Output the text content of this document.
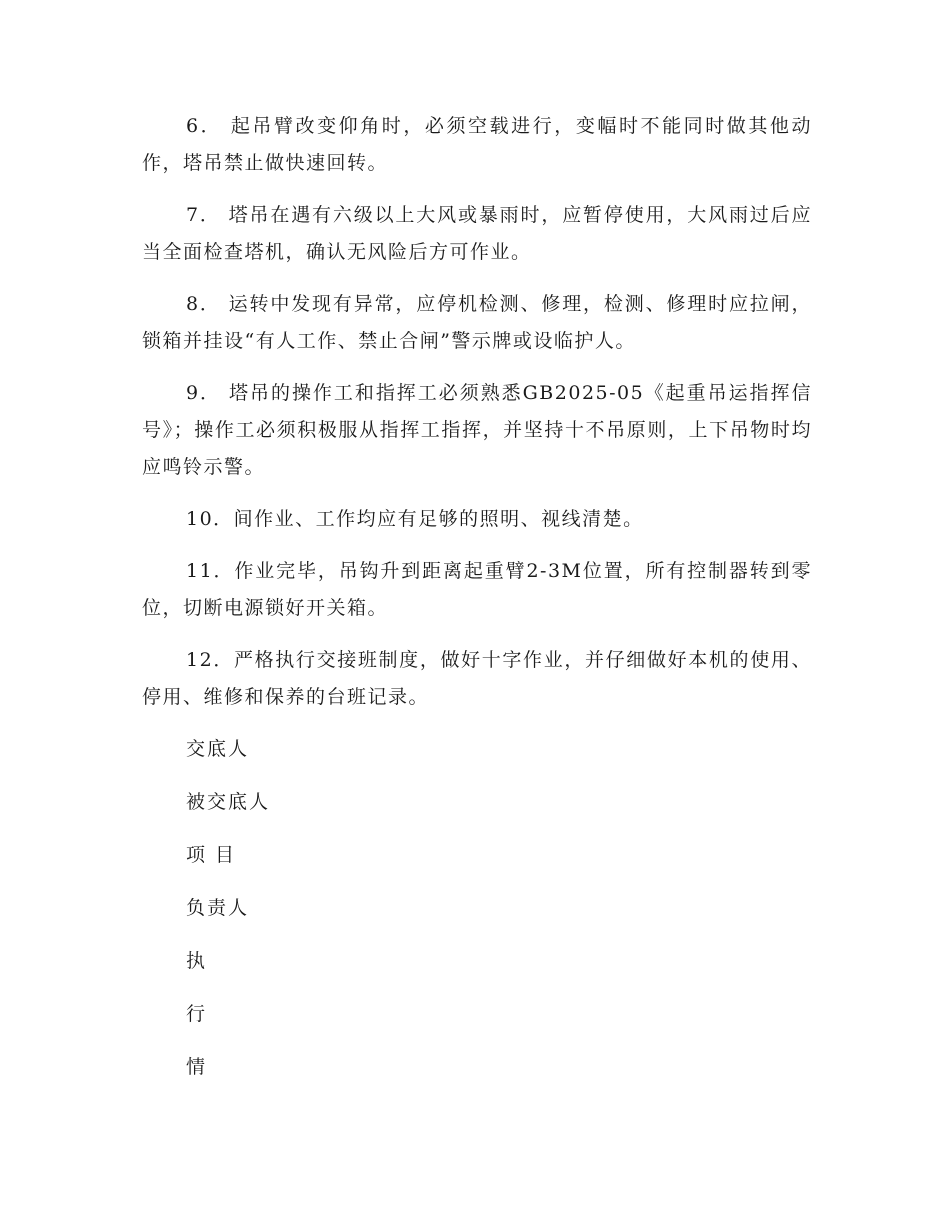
6． 起吊臂改变仰角时，必须空载进行，变幅时不能同时做其他动作，塔吊禁止做快速回转。

7． 塔吊在遇有六级以上大风或暴雨时，应暂停使用，大风雨过后应当全面检查塔机，确认无风险后方可作业。

8． 运转中发现有异常，应停机检测、修理，检测、修理时应拉闸，锁箱并挂设“有人工作、禁止合闸”警示牌或设临护人。

9． 塔吊的操作工和指挥工必须熟悉GB2025-05《起重吊运指挥信号》；操作工必须积极服从指挥工指挥，并坚持十不吊原则，上下吊物时均应鸣铃示警。

10．间作业、工作均应有足够的照明、视线清楚。

11．作业完毕，吊钩升到距离起重臂2-3M位置，所有控制器转到零位，切断电源锁好开关箱。

12．严格执行交接班制度，做好十字作业，并仔细做好本机的使用、停用、维修和保养的台班记录。

交底人
被交底人
项 目
负责人
执
行
情
